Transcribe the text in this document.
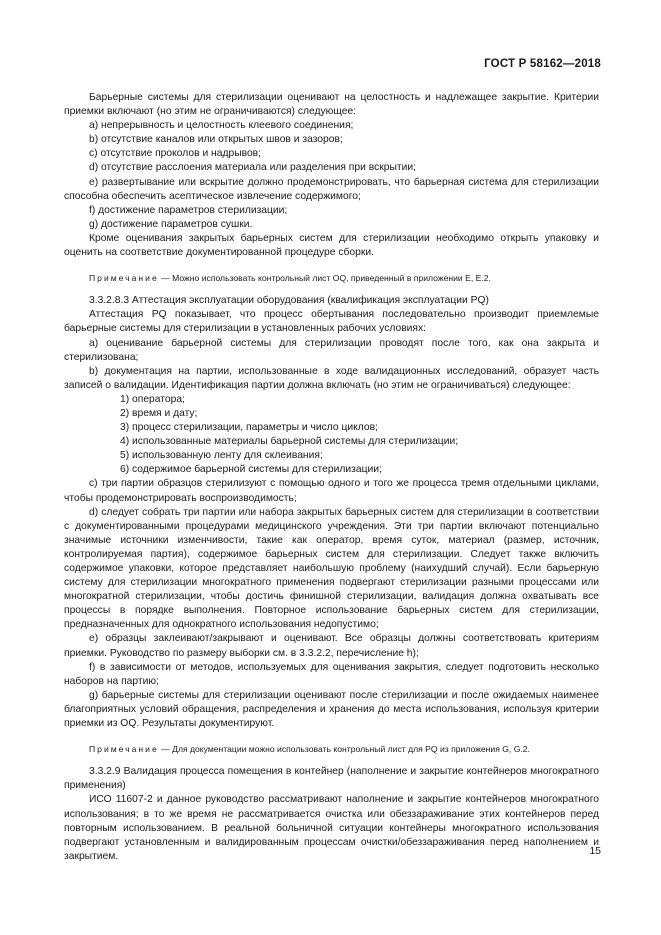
ГОСТ Р 58162—2018

Барьерные системы для стерилизации оценивают на целостность и надлежащее закрытие. Критерии приемки включают (но этим не ограничиваются) следующее:

a) непрерывность и целостность клеевого соединения;

b) отсутствие каналов или открытых швов и зазоров;

c) отсутствие проколов и надрывов;

d) отсутствие расслоения материала или разделения при вскрытии;

e) развертывание или вскрытие должно продемонстрировать, что барьерная система для стерилизации способна обеспечить асептическое извлечение содержимого;

f) достижение параметров стерилизации;

g) достижение параметров сушки.

Кроме оценивания закрытых барьерных систем для стерилизации необходимо открыть упаковку и оценить на соответствие документированной процедуре сборки.

Примечание — Можно использовать контрольный лист OQ, приведенный в приложении Е, Е.2.

3.3.2.8.3 Аттестация эксплуатации оборудования (квалификация эксплуатации PQ)

Аттестация PQ показывает, что процесс обертывания последовательно производит приемлемые барьерные системы для стерилизации в установленных рабочих условиях:

a) оценивание барьерной системы для стерилизации проводят после того, как она закрыта и стерилизована;

b) документация на партии, использованные в ходе валидационных исследований, образует часть записей о валидации. Идентификация партии должна включать (но этим не ограничиваться) следующее:

1) оператора;

2) время и дату;

3) процесс стерилизации, параметры и число циклов;

4) использованные материалы барьерной системы для стерилизации;

5) использованную ленту для склеивания;

6) содержимое барьерной системы для стерилизации;

c) три партии образцов стерилизуют с помощью одного и того же процесса тремя отдельными циклами, чтобы продемонстрировать воспроизводимость;

d) следует собрать три партии или набора закрытых барьерных систем для стерилизации в соответствии с документированными процедурами медицинского учреждения. Эти три партии включают потенциально значимые источники изменчивости, такие как оператор, время суток, материал (размер, источник, контролируемая партия), содержимое барьерных систем для стерилизации. Следует также включить содержимое упаковки, которое представляет наибольшую проблему (наихудший случай). Если барьерную систему для стерилизации многократного применения подвергают стерилизации разными процессами или многократной стерилизации, чтобы достичь финишной стерилизации, валидация должна охватывать все процессы в порядке выполнения. Повторное использование барьерных систем для стерилизации, предназначенных для однократного использования недопустимо;

e) образцы заклеивают/закрывают и оценивают. Все образцы должны соответствовать критериям приемки. Руководство по размеру выборки см. в 3.3.2.2, перечисление h);

f) в зависимости от методов, используемых для оценивания закрытия, следует подготовить несколько наборов на партию;

g) барьерные системы для стерилизации оценивают после стерилизации и после ожидаемых наименее благоприятных условий обращения, распределения и хранения до места использования, используя критерии приемки из OQ. Результаты документируют.

Примечание — Для документации можно использовать контрольный лист для PQ из приложения G, G.2.

3.3.2.9 Валидация процесса помещения в контейнер (наполнение и закрытие контейнеров многократного применения)

ИСО 11607-2 и данное руководство рассматривают наполнение и закрытие контейнеров многократного использования; в то же время не рассматривается очистка или обеззараживание этих контейнеров перед повторным использованием. В реальной больничной ситуации контейнеры многократного использования подвергают установленным и валидированным процессам очистки/обеззараживания перед наполнением и закрытием.	15
